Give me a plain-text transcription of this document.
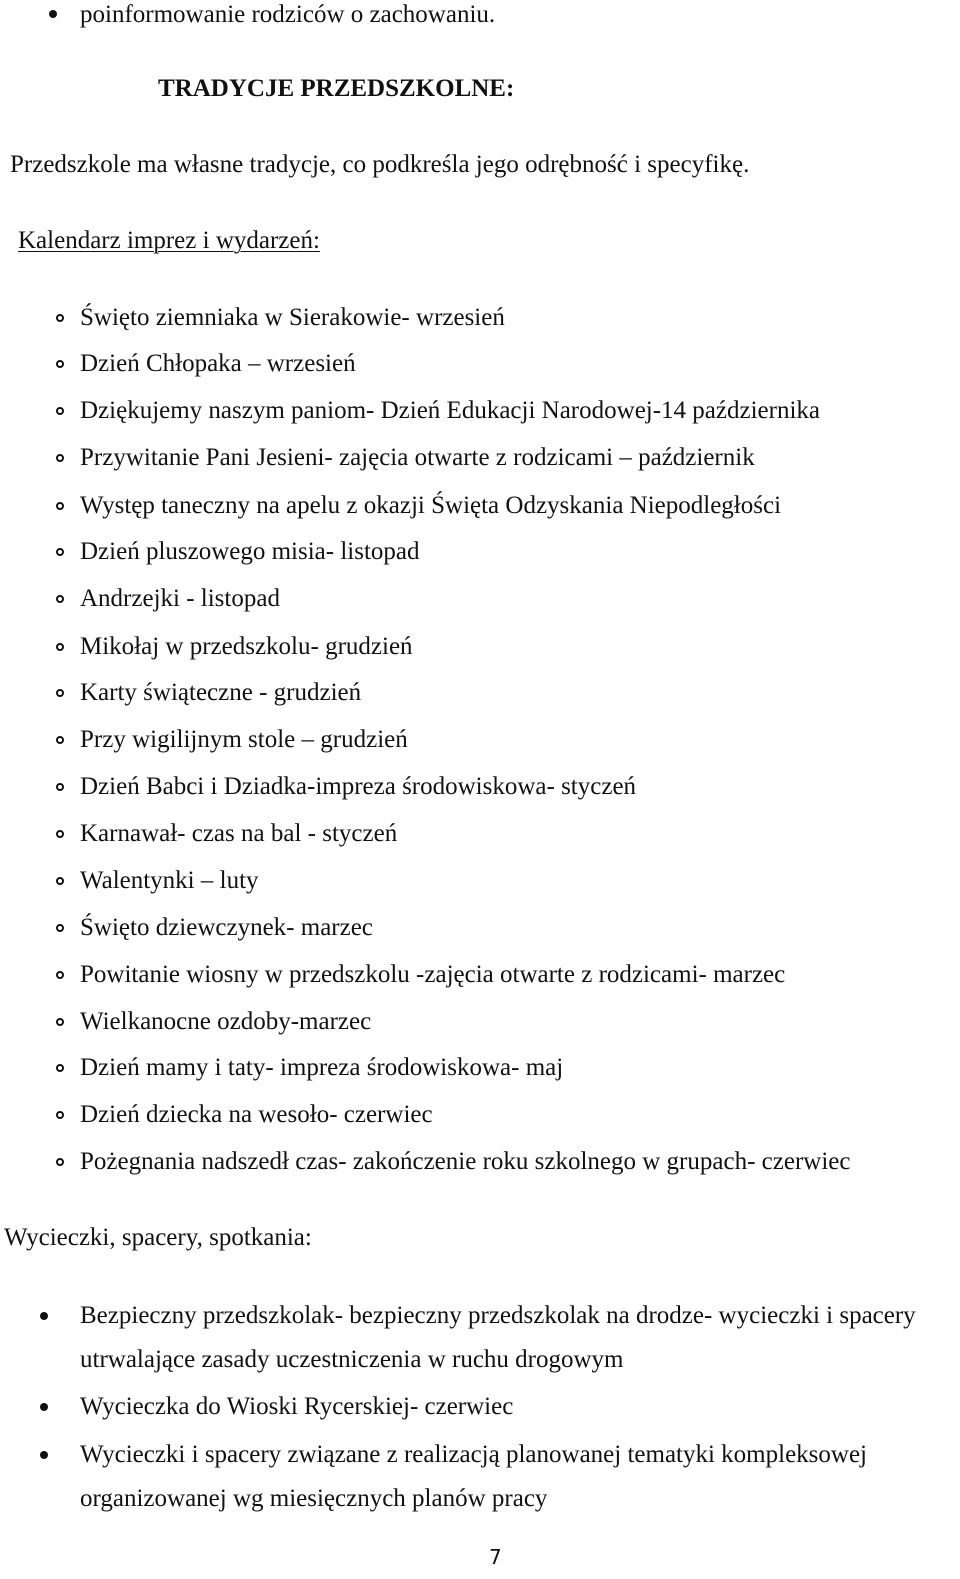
poinformowanie rodziców o zachowaniu.
TRADYCJE PRZEDSZKOLNE:
Przedszkole ma własne tradycje, co podkreśla jego odrębność i specyfikę.
Kalendarz imprez i wydarzeń:
Święto ziemniaka w Sierakowie- wrzesień
Dzień Chłopaka – wrzesień
Dziękujemy naszym paniom- Dzień Edukacji Narodowej-14 października
Przywitanie Pani Jesieni- zajęcia otwarte z rodzicami – październik
Występ taneczny na apelu z okazji Święta Odzyskania Niepodległości
Dzień pluszowego misia- listopad
Andrzejki - listopad
Mikołaj w przedszkolu- grudzień
Karty świąteczne - grudzień
Przy wigilijnym stole – grudzień
Dzień Babci i Dziadka-impreza środowiskowa- styczeń
Karnawał- czas na bal - styczeń
Walentynki – luty
Święto dziewczynek- marzec
Powitanie wiosny w przedszkolu -zajęcia otwarte z rodzicami- marzec
Wielkanocne ozdoby-marzec
Dzień mamy i taty- impreza środowiskowa- maj
Dzień dziecka na wesoło- czerwiec
Pożegnania nadszedł czas- zakończenie roku szkolnego w grupach- czerwiec
Wycieczki, spacery, spotkania:
Bezpieczny przedszkolak- bezpieczny przedszkolak na drodze- wycieczki i spacery
utrwalające zasady uczestniczenia w ruchu drogowym
Wycieczka do Wioski Rycerskiej- czerwiec
Wycieczki i spacery związane z realizacją planowanej tematyki kompleksowej
organizowanej wg miesięcznych planów pracy
7
